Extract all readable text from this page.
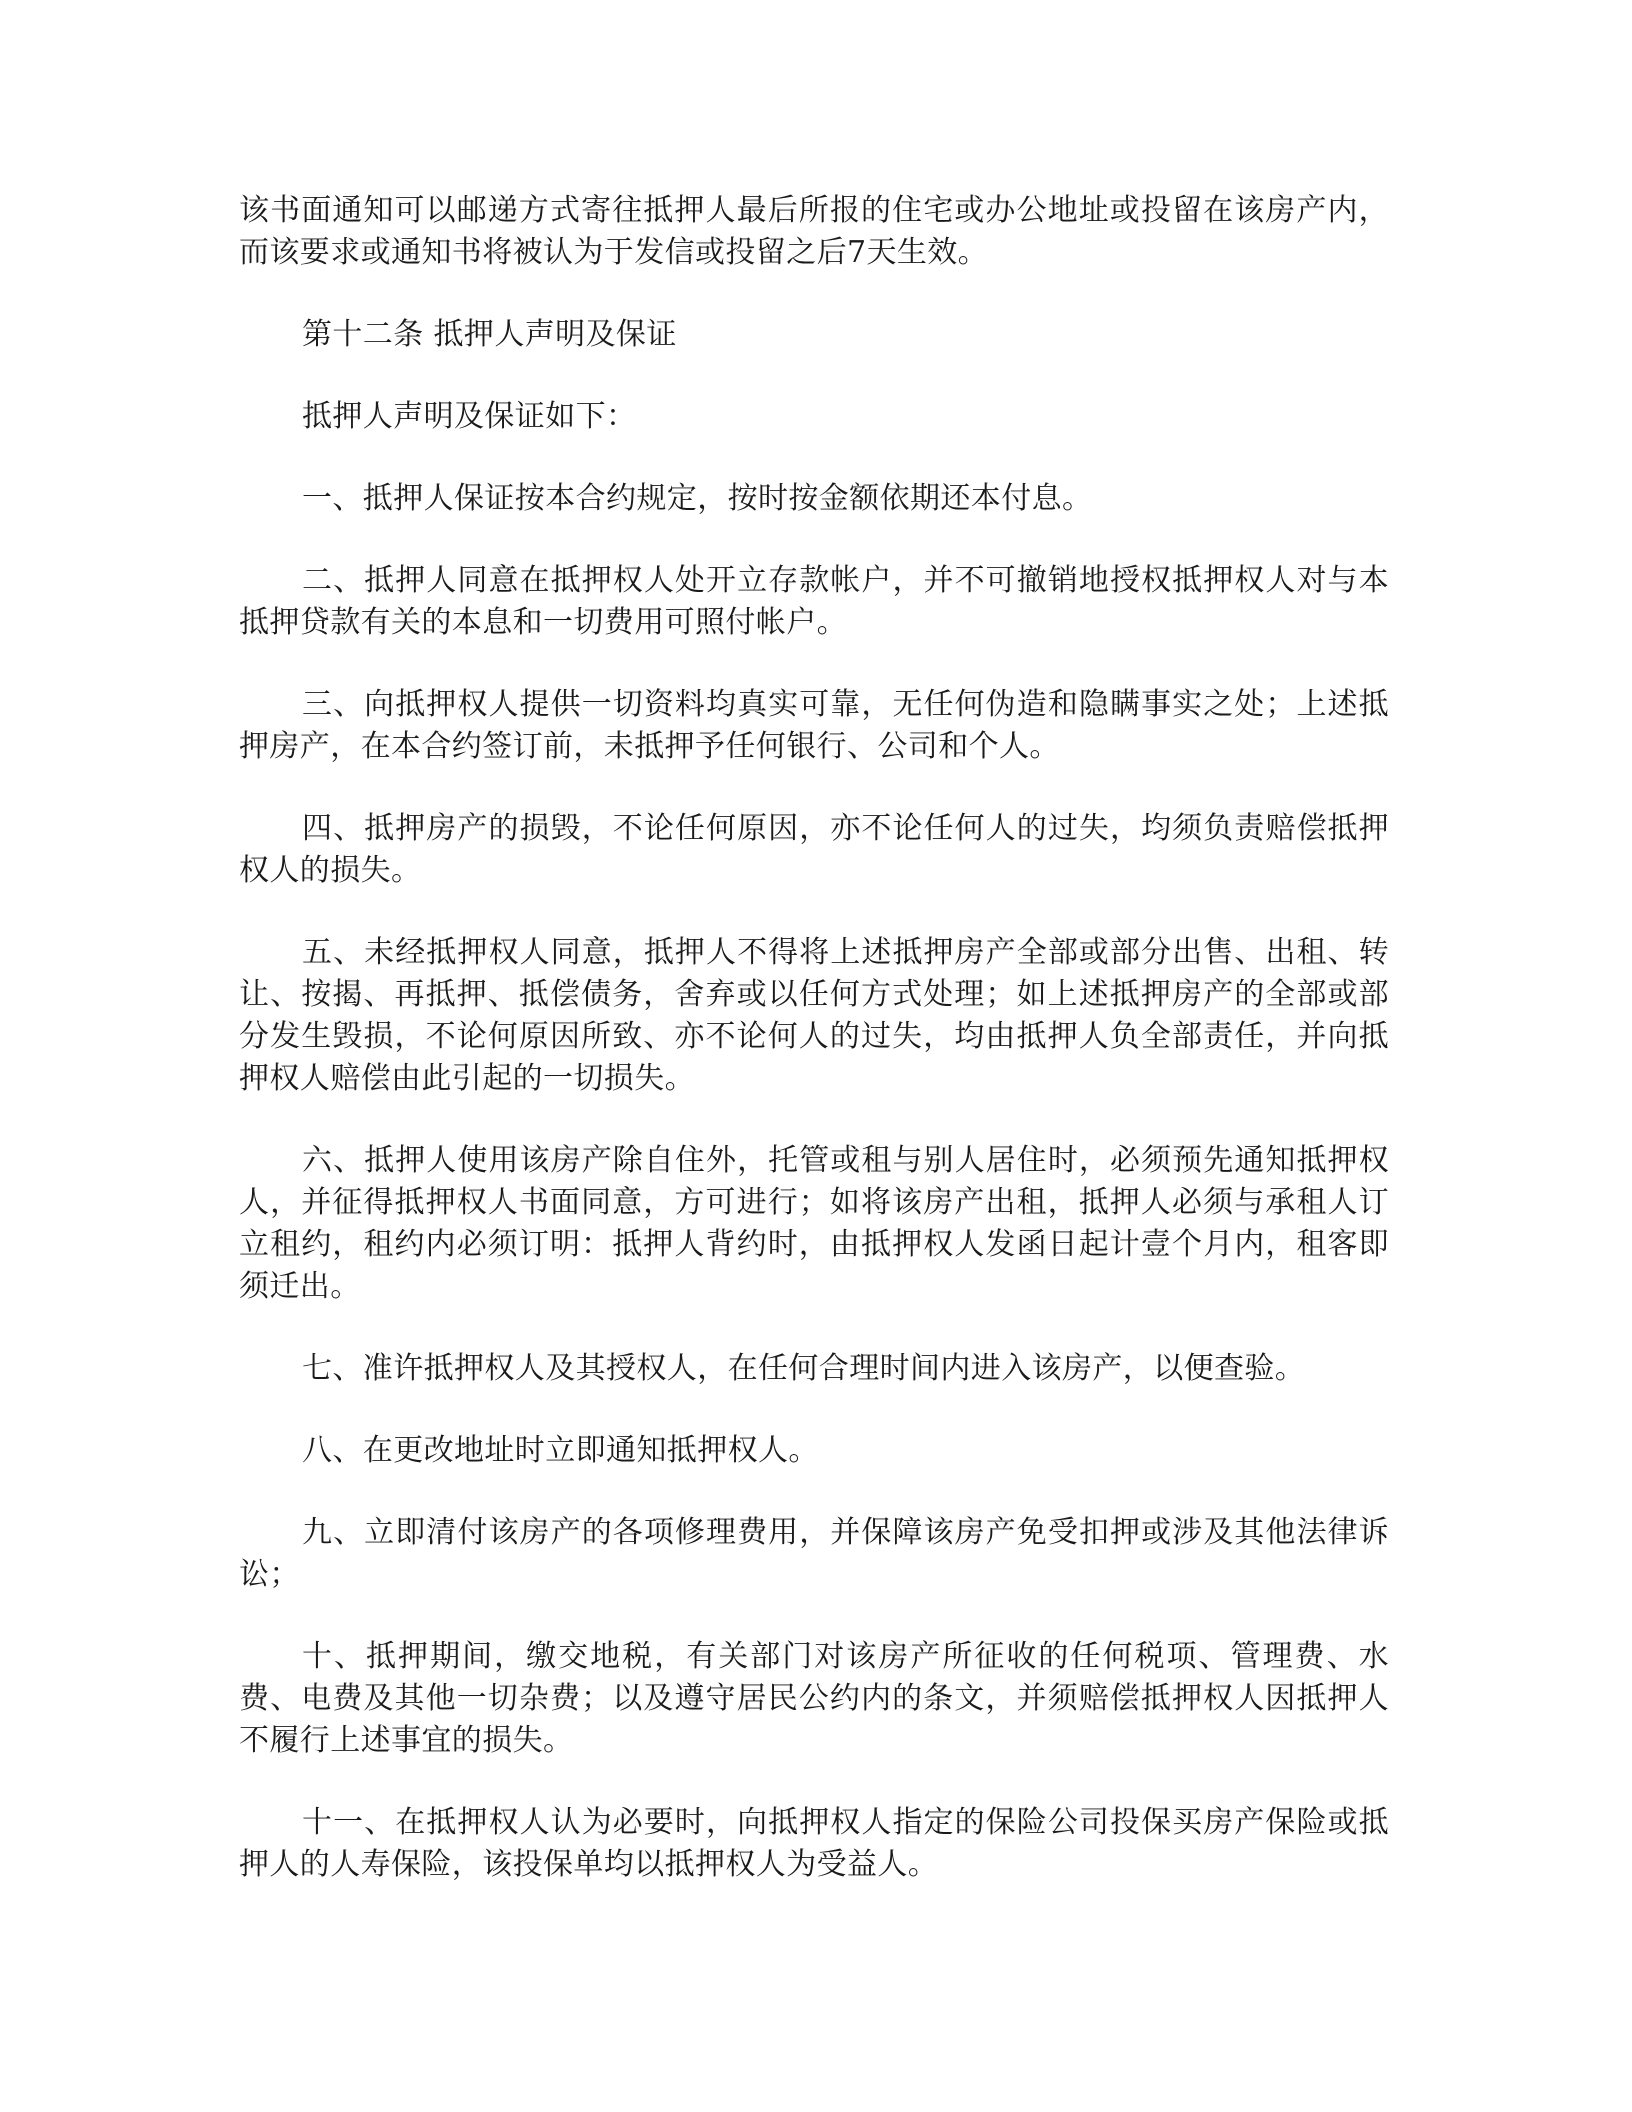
该书面通知可以邮递方式寄往抵押人最后所报的住宅或办公地址或投留在该房产内，而该要求或通知书将被认为于发信或投留之后7天生效。

第十二条 抵押人声明及保证

抵押人声明及保证如下：

一、抵押人保证按本合约规定，按时按金额依期还本付息。

二、抵押人同意在抵押权人处开立存款帐户，并不可撤销地授权抵押权人对与本抵押贷款有关的本息和一切费用可照付帐户。

三、向抵押权人提供一切资料均真实可靠，无任何伪造和隐瞒事实之处；上述抵押房产，在本合约签订前，未抵押予任何银行、公司和个人。

四、抵押房产的损毁，不论任何原因，亦不论任何人的过失，均须负责赔偿抵押权人的损失。

五、未经抵押权人同意，抵押人不得将上述抵押房产全部或部分出售、出租、转让、按揭、再抵押、抵偿债务，舍弃或以任何方式处理；如上述抵押房产的全部或部分发生毁损，不论何原因所致、亦不论何人的过失，均由抵押人负全部责任，并向抵押权人赔偿由此引起的一切损失。

六、抵押人使用该房产除自住外，托管或租与别人居住时，必须预先通知抵押权人，并征得抵押权人书面同意，方可进行；如将该房产出租，抵押人必须与承租人订立租约，租约内必须订明：抵押人背约时，由抵押权人发函日起计壹个月内，租客即须迁出。

七、准许抵押权人及其授权人，在任何合理时间内进入该房产，以便查验。

八、在更改地址时立即通知抵押权人。

九、立即清付该房产的各项修理费用，并保障该房产免受扣押或涉及其他法律诉讼；

十、抵押期间，缴交地税，有关部门对该房产所征收的任何税项、管理费、水费、电费及其他一切杂费；以及遵守居民公约内的条文，并须赔偿抵押权人因抵押人不履行上述事宜的损失。

十一、在抵押权人认为必要时，向抵押权人指定的保险公司投保买房产保险或抵押人的人寿保险，该投保单均以抵押权人为受益人。
